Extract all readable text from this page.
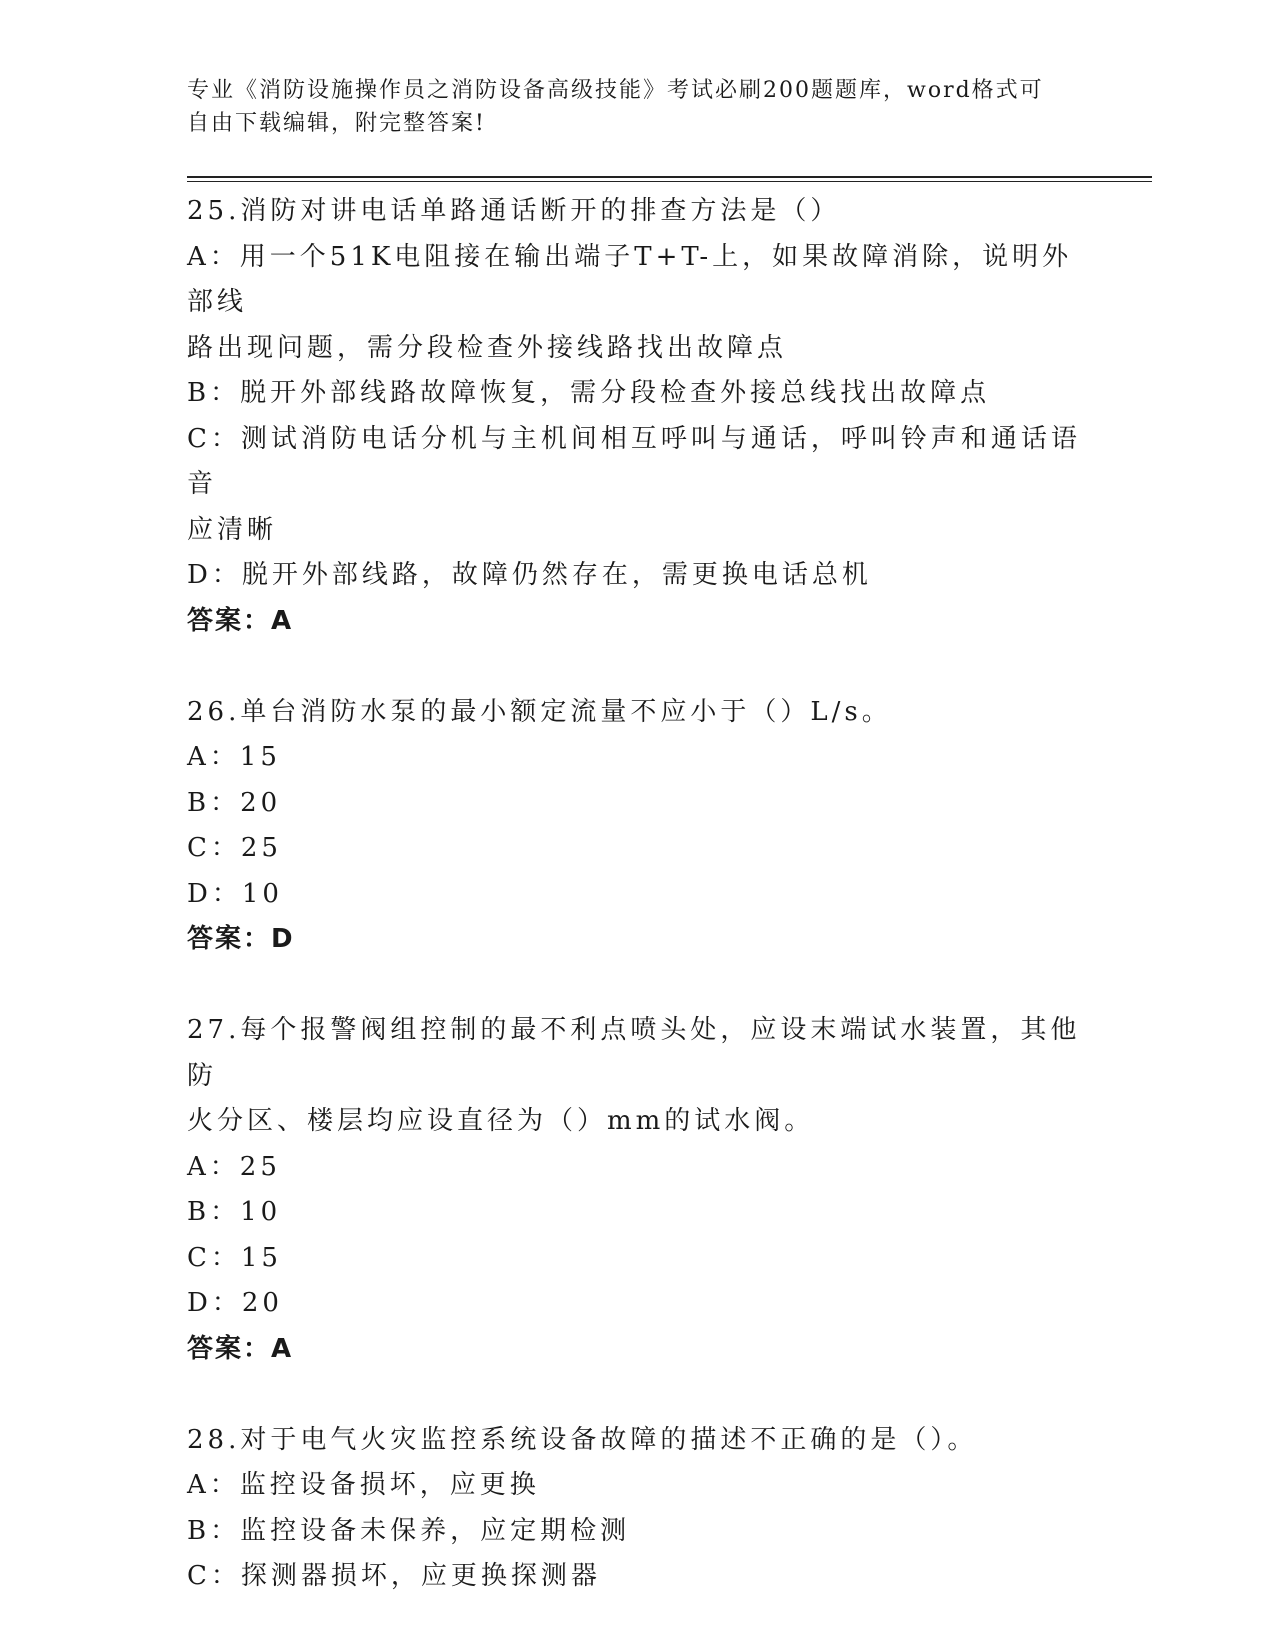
专业《消防设施操作员之消防设备高级技能》考试必刷200题题库，word格式可
自由下载编辑，附完整答案!
25.消防对讲电话单路通话断开的排查方法是（）
A：用一个51K电阻接在输出端子T+T-上，如果故障消除，说明外部线
路出现问题，需分段检查外接线路找出故障点
B：脱开外部线路故障恢复，需分段检查外接总线找出故障点
C：测试消防电话分机与主机间相互呼叫与通话，呼叫铃声和通话语音
应清晰
D：脱开外部线路，故障仍然存在，需更换电话总机
答案：A
26.单台消防水泵的最小额定流量不应小于（）L/s。
A：15
B：20
C：25
D：10
答案：D
27.每个报警阀组控制的最不利点喷头处，应设末端试水装置，其他防
火分区、楼层均应设直径为（）mm的试水阀。
A：25
B：10
C：15
D：20
答案：A
28.对于电气火灾监控系统设备故障的描述不正确的是（）。
A：监控设备损坏，应更换
B：监控设备未保养，应定期检测
C：探测器损坏，应更换探测器
